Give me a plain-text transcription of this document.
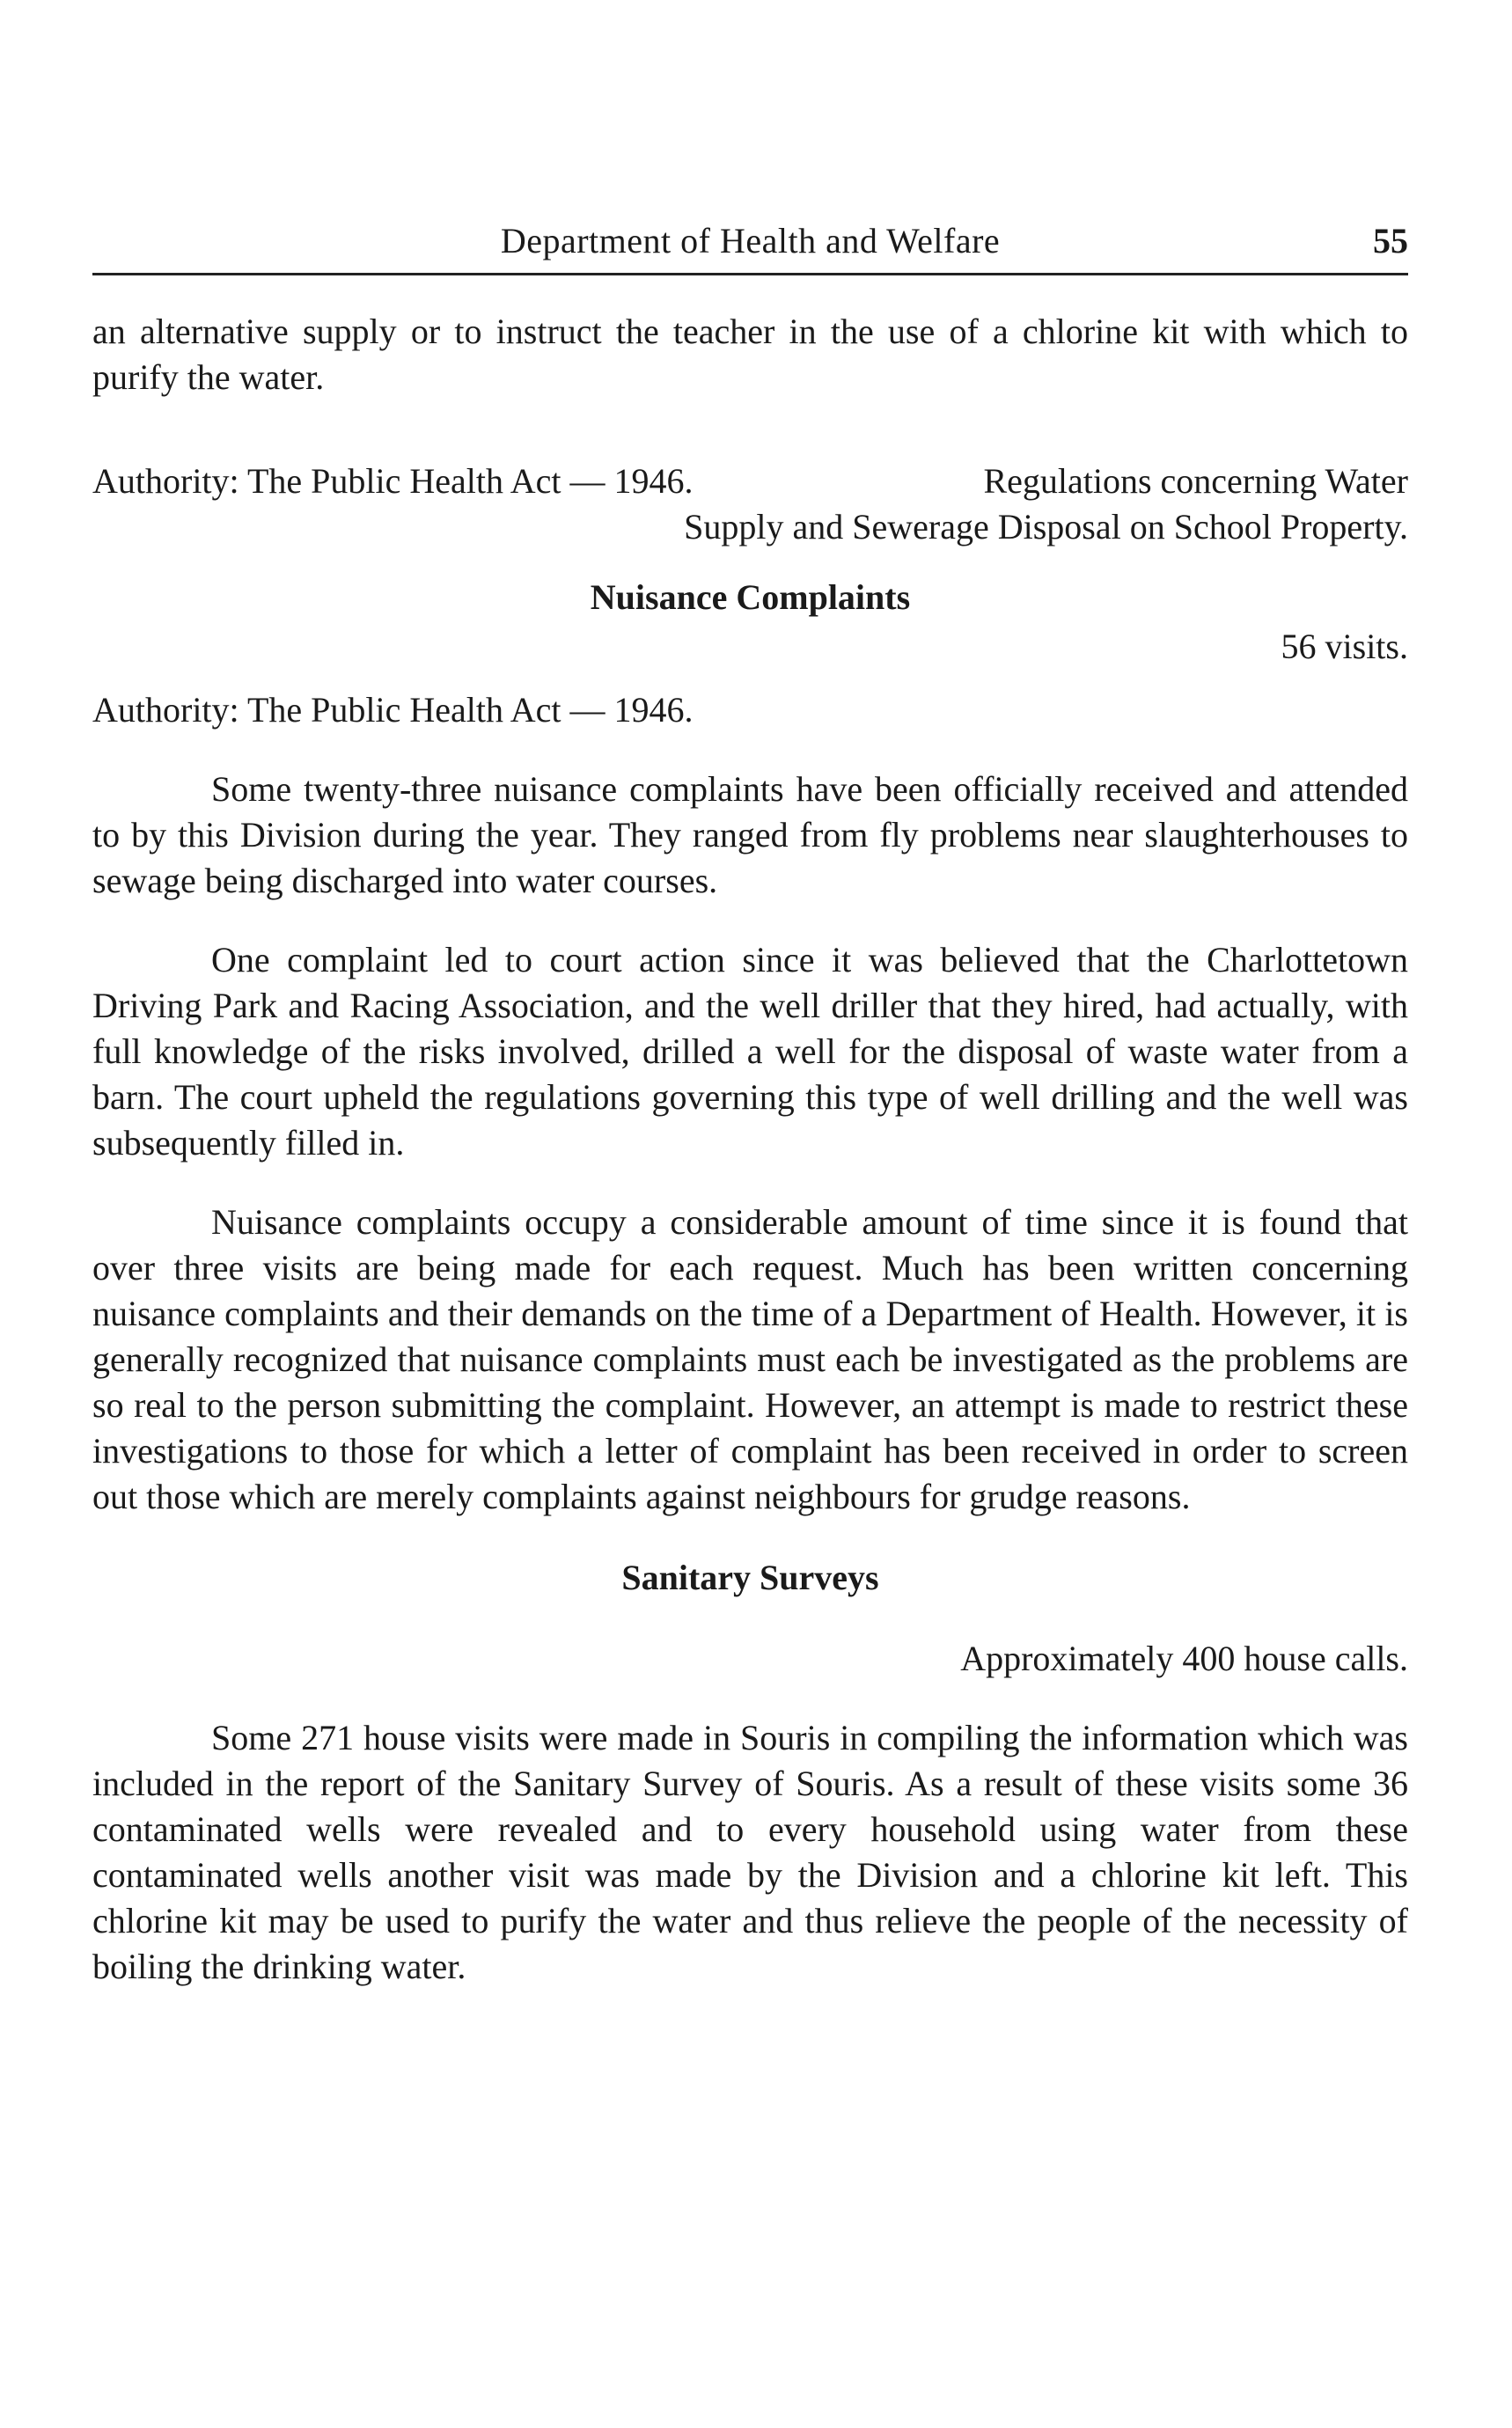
Department of Health and Welfare	55

an alternative supply or to instruct the teacher in the use of a chlorine kit with which to purify the water.

Authority: The Public Health Act — 1946.	Regulations concerning Water
Supply and Sewerage Disposal on School Property.
Nuisance Complaints
56 visits.
Authority: The Public Health Act — 1946.

Some twenty-three nuisance complaints have been officially received and attended to by this Division during the year. They ranged from fly problems near slaughterhouses to sewage being discharged into water courses.

One complaint led to court action since it was believed that the Charlottetown Driving Park and Racing Association, and the well driller that they hired, had actually, with full knowledge of the risks involved, drilled a well for the disposal of waste water from a barn. The court upheld the regulations governing this type of well drilling and the well was subsequently filled in.

Nuisance complaints occupy a considerable amount of time since it is found that over three visits are being made for each request. Much has been written concerning nuisance complaints and their demands on the time of a Department of Health. However, it is generally recognized that nuisance complaints must each be investigated as the problems are so real to the person submitting the complaint. However, an attempt is made to restrict these investigations to those for which a letter of complaint has been received in order to screen out those which are merely complaints against neighbours for grudge reasons.

Sanitary Surveys
Approximately 400 house calls.

Some 271 house visits were made in Souris in compiling the information which was included in the report of the Sanitary Survey of Souris. As a result of these visits some 36 contaminated wells were revealed and to every household using water from these contaminated wells another visit was made by the Division and a chlorine kit left. This chlorine kit may be used to purify the water and thus relieve the people of the necessity of boiling the drinking water.
